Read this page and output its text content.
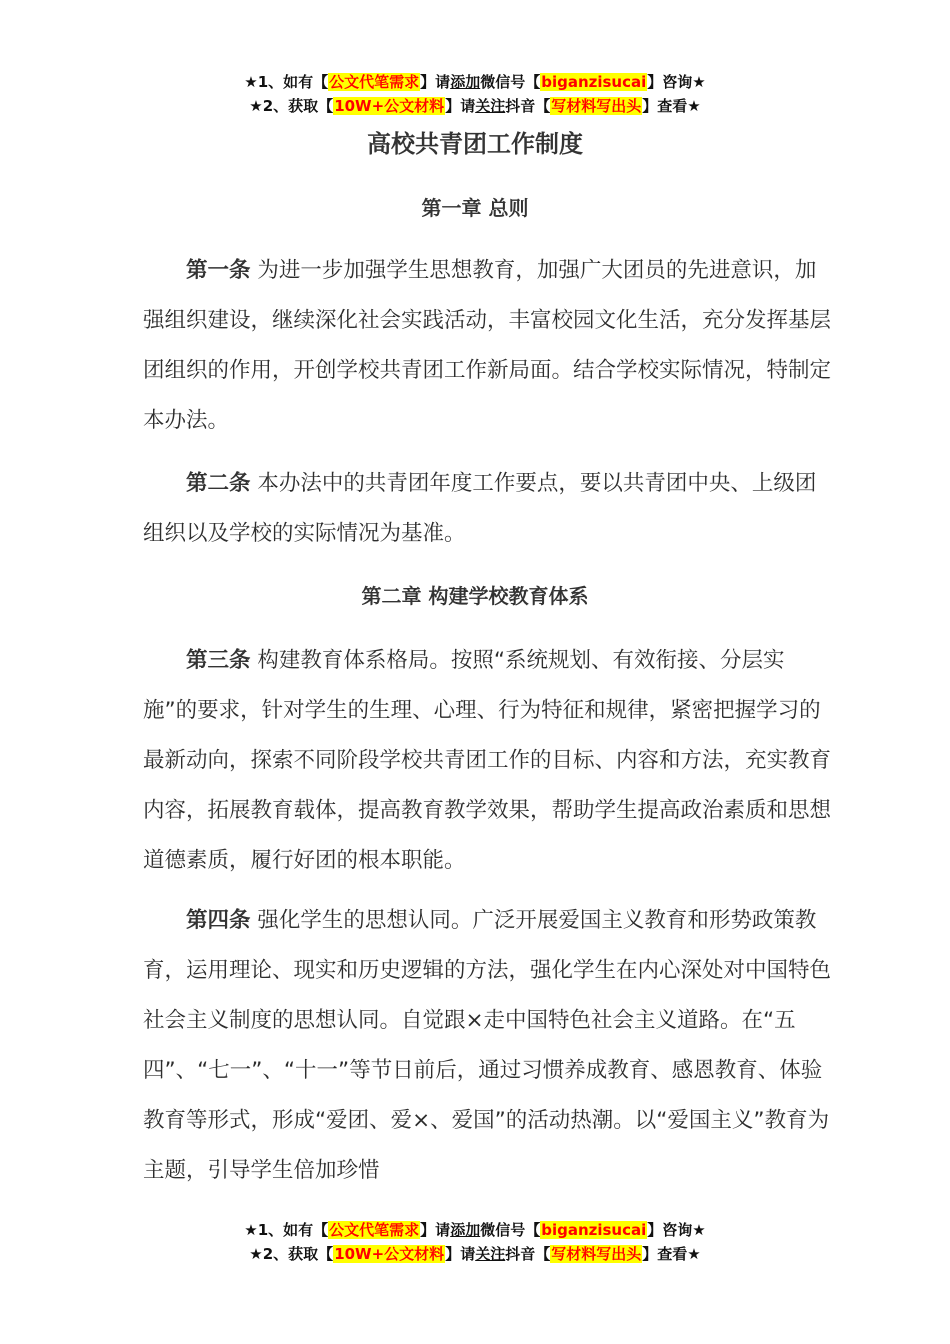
★1、如有【公文代笔需求】请添加微信号【biganzisucai】咨询★
★2、获取【10W+公文材料】请关注抖音【写材料写出头】查看★
高校共青团工作制度
第一章 总则

第一条 为进一步加强学生思想教育，加强广大团员的先进意识，加强组织建设，继续深化社会实践活动，丰富校园文化生活，充分发挥基层团组织的作用，开创学校共青团工作新局面。结合学校实际情况，特制定本办法。

第二条 本办法中的共青团年度工作要点，要以共青团中央、上级团组织以及学校的实际情况为基准。

第二章 构建学校教育体系

第三条 构建教育体系格局。按照“系统规划、有效衔接、分层实施”的要求，针对学生的生理、心理、行为特征和规律，紧密把握学习的最新动向，探索不同阶段学校共青团工作的目标、内容和方法，充实教育内容，拓展教育载体，提高教育教学效果，帮助学生提高政治素质和思想道德素质，履行好团的根本职能。

第四条 强化学生的思想认同。广泛开展爱国主义教育和形势政策教育，运用理论、现实和历史逻辑的方法，强化学生在内心深处对中国特色社会主义制度的思想认同。自觉跟×走中国特色社会主义道路。在“五四”、“七一”、“十一”等节日前后，通过习惯养成教育、感恩教育、体验教育等形式，形成“爱团、爱×、爱国”的活动热潮。以“爱国主义”教育为主题，引导学生倍加珍惜

★1、如有【公文代笔需求】请添加微信号【biganzisucai】咨询★
★2、获取【10W+公文材料】请关注抖音【写材料写出头】查看★
